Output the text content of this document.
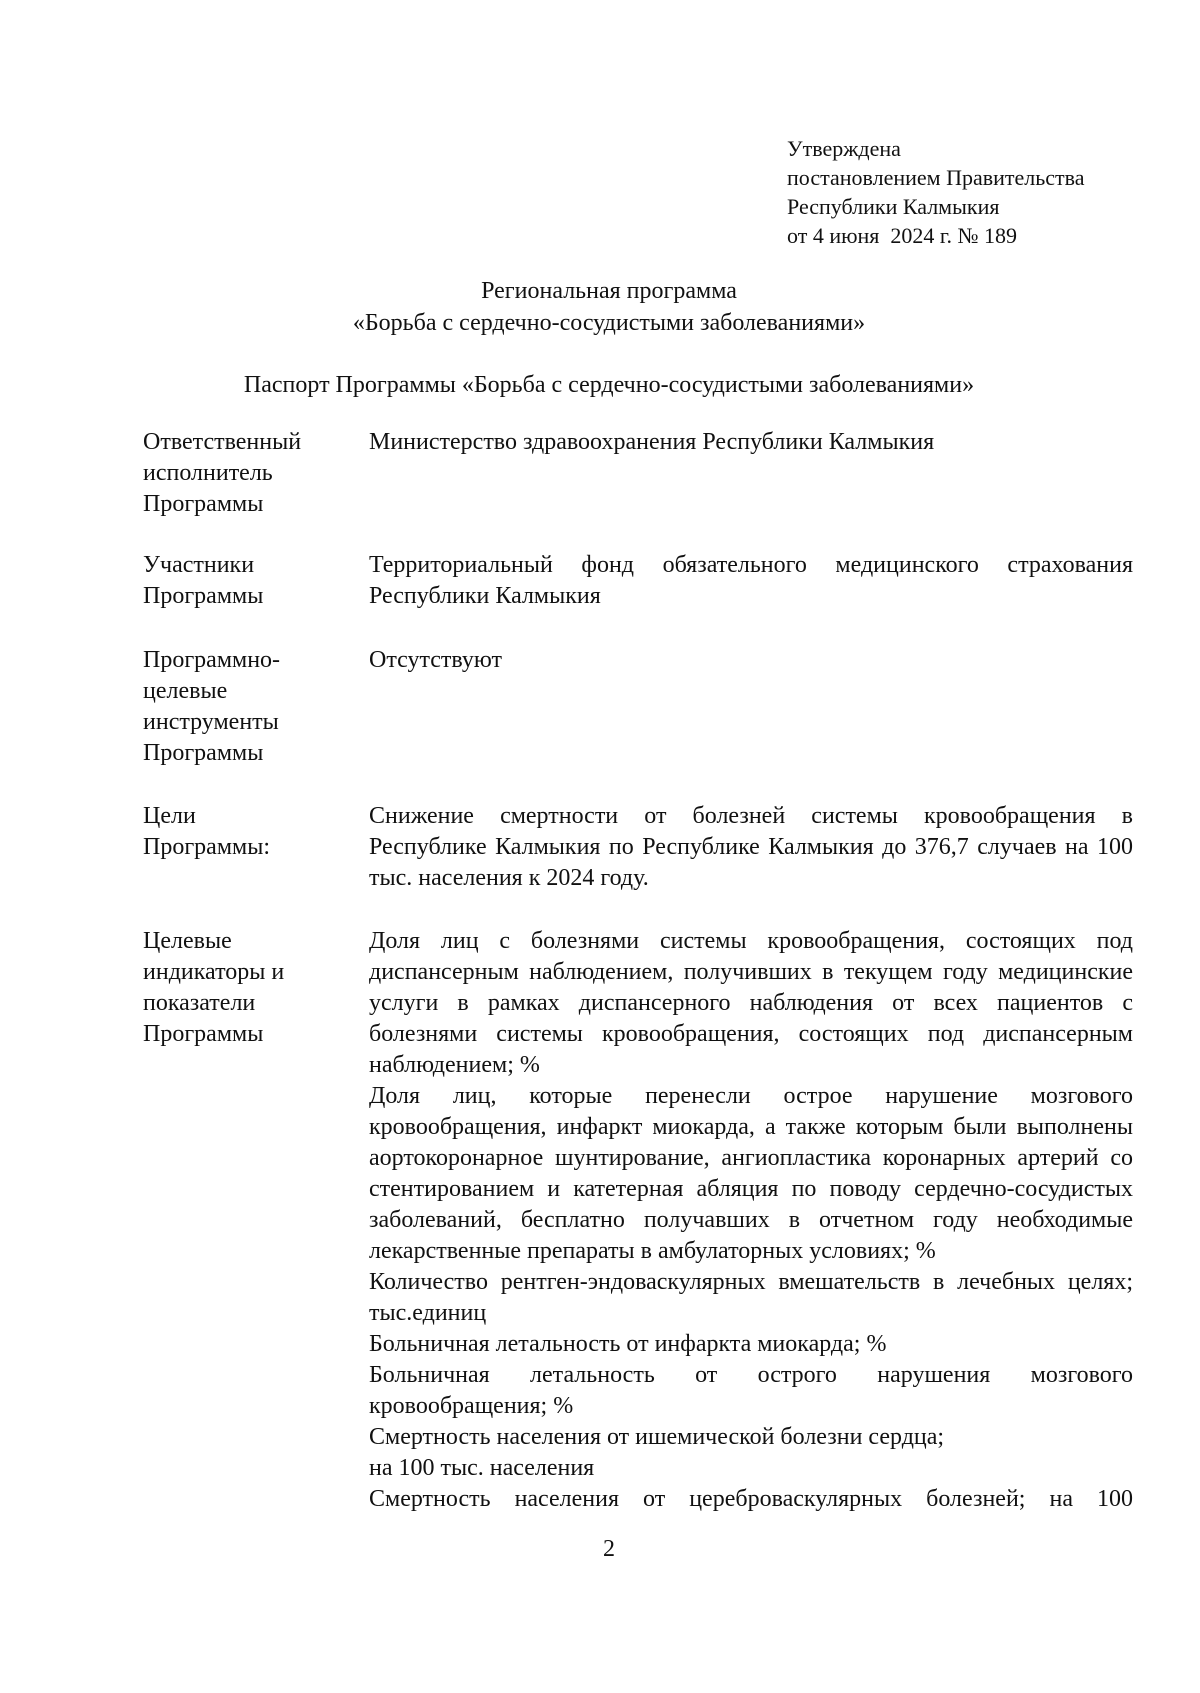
Утверждена
постановлением Правительства
Республики Калмыкия
от 4 июня  2024 г. № 189
Региональная программа
«Борьба с сердечно-сосудистыми заболеваниями»
Паспорт Программы «Борьба с сердечно-сосудистыми заболеваниями»
Ответственный
исполнитель
Программы

Министерство здравоохранения Республики Калмыкия

Участники
Программы

Территориальный фонд обязательного медицинского страхования Республики Калмыкия

Программно-
целевые
инструменты
Программы

Отсутствуют

Цели
Программы:

Снижение смертности от болезней системы кровообращения в Республике Калмыкия по Республике Калмыкия до 376,7 случаев на 100 тыс. населения к 2024 году.

Целевые
индикаторы и
показатели
Программы

Доля лиц с болезнями системы кровообращения, состоящих под диспансерным наблюдением, получивших в текущем году медицинские услуги в рамках диспансерного наблюдения от всех пациентов с болезнями системы кровообращения, состоящих под диспансерным наблюдением; %

Доля лиц, которые перенесли острое нарушение мозгового кровообращения, инфаркт миокарда, а также которым были выполнены аортокоронарное шунтирование, ангиопластика коронарных артерий со стентированием и катетерная абляция по поводу сердечно-сосудистых заболеваний, бесплатно получавших в отчетном году необходимые лекарственные препараты в амбулаторных условиях; %

Количество рентген-эндоваскулярных вмешательств в лечебных целях; тыс.единиц

Больничная летальность от инфаркта миокарда; %

Больничная летальность от острого нарушения мозгового кровообращения; %

Смертность населения от ишемической болезни сердца;

на 100 тыс. населения

Смертность населения от цереброваскулярных болезней; на 100

2
